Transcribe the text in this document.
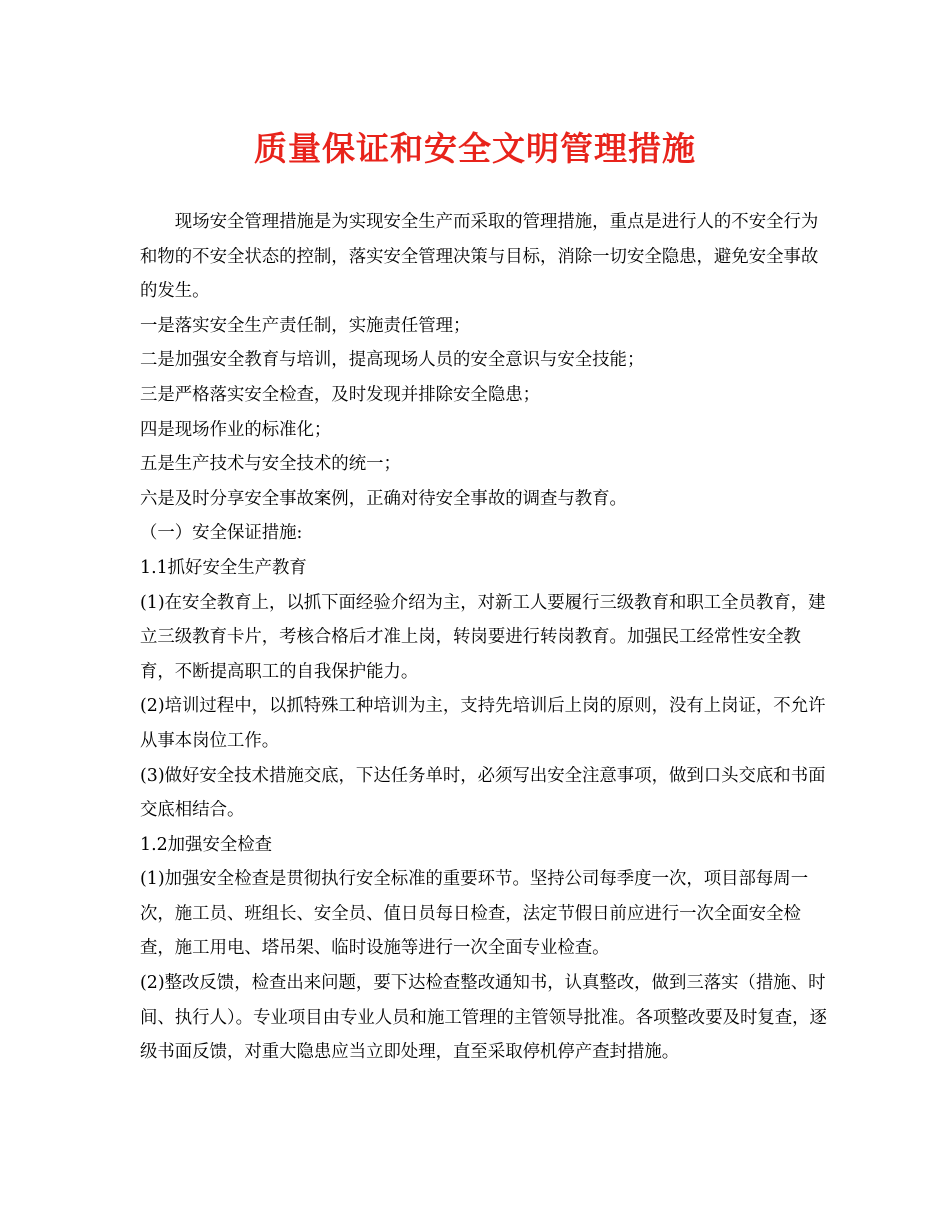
质量保证和安全文明管理措施

现场安全管理措施是为实现安全生产而采取的管理措施，重点是进行人的不安全行为和物的不安全状态的控制，落实安全管理决策与目标，消除一切安全隐患，避免安全事故的发生。

一是落实安全生产责任制，实施责任管理；

二是加强安全教育与培训，提高现场人员的安全意识与安全技能；

三是严格落实安全检查，及时发现并排除安全隐患；

四是现场作业的标准化；

五是生产技术与安全技术的统一；

六是及时分享安全事故案例，正确对待安全事故的调查与教育。

（一）安全保证措施:

1.1抓好安全生产教育

(1)在安全教育上，以抓下面经验介绍为主，对新工人要履行三级教育和职工全员教育，建立三级教育卡片，考核合格后才准上岗，转岗要进行转岗教育。加强民工经常性安全教育，不断提高职工的自我保护能力。

(2)培训过程中，以抓特殊工种培训为主，支持先培训后上岗的原则，没有上岗证，不允许从事本岗位工作。

(3)做好安全技术措施交底，下达任务单时，必须写出安全注意事项，做到口头交底和书面交底相结合。

1.2加强安全检查

(1)加强安全检查是贯彻执行安全标准的重要环节。坚持公司每季度一次，项目部每周一次，施工员、班组长、安全员、值日员每日检查，法定节假日前应进行一次全面安全检查，施工用电、塔吊架、临时设施等进行一次全面专业检查。

(2)整改反馈，检查出来问题，要下达检查整改通知书，认真整改，做到三落实（措施、时间、执行人）。专业项目由专业人员和施工管理的主管领导批准。各项整改要及时复查，逐级书面反馈，对重大隐患应当立即处理，直至采取停机停产查封措施。
